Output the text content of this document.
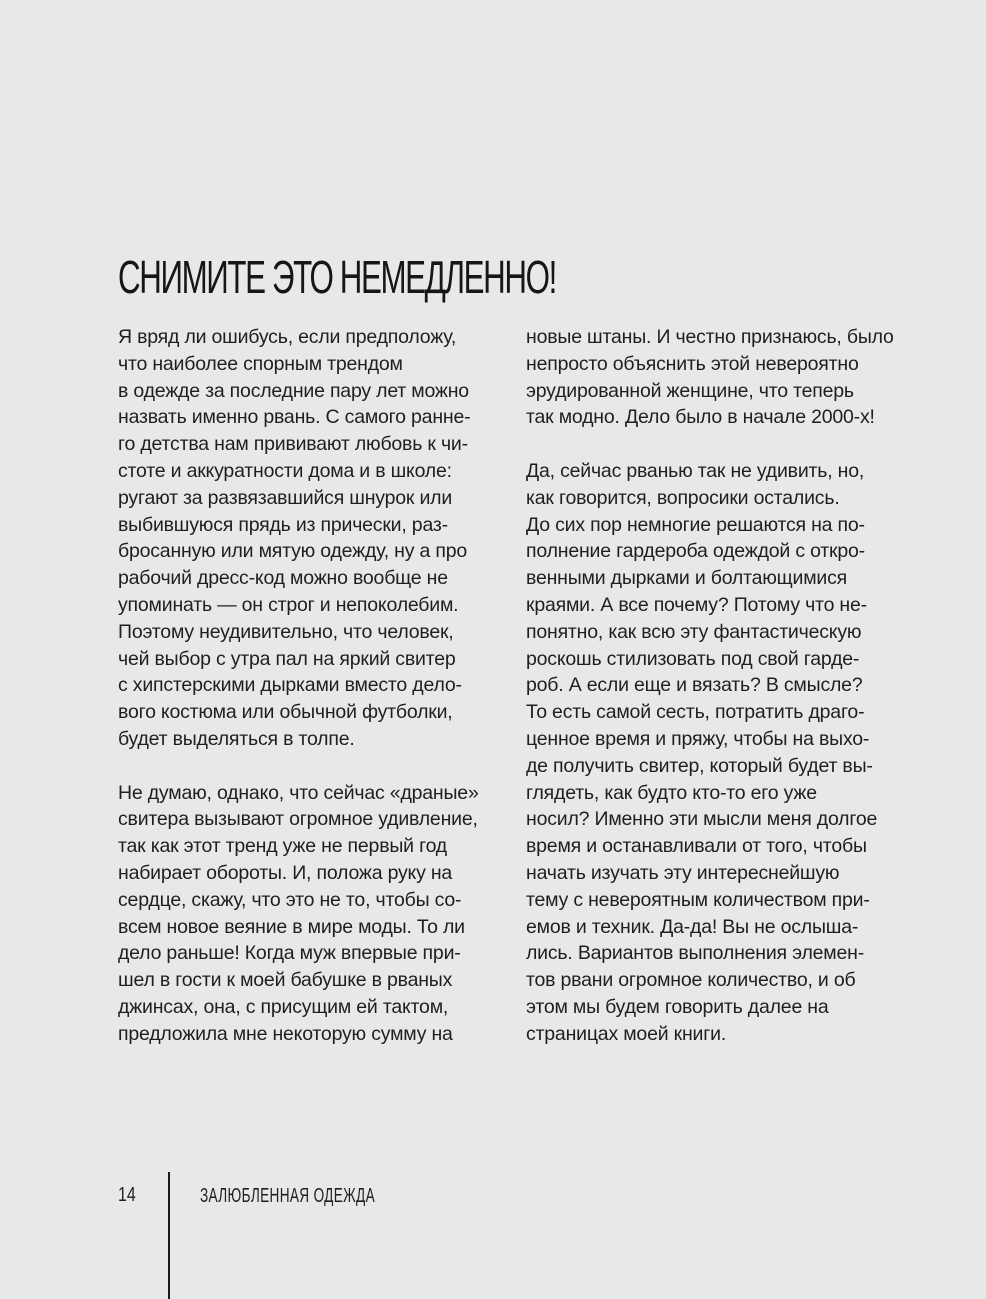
СНИМИТЕ ЭТО НЕМЕДЛЕННО!
Я вряд ли ошибусь, если предположу,
что наиболее спорным трендом
в одежде за последние пару лет можно
назвать именно рвань. С самого ранне-
го детства нам прививают любовь к чи-
стоте и аккуратности дома и в школе:
ругают за развязавшийся шнурок или
выбившуюся прядь из прически, раз-
бросанную или мятую одежду, ну а про
рабочий дресс-код можно вообще не
упоминать — он строг и непоколебим.
Поэтому неудивительно, что человек,
чей выбор с утра пал на яркий свитер
с хипстерскими дырками вместо дело-
вого костюма или обычной футболки,
будет выделяться в толпе.
Не думаю, однако, что сейчас «драные»
свитера вызывают огромное удивление,
так как этот тренд уже не первый год
набирает обороты. И, положа руку на
сердце, скажу, что это не то, чтобы со-
всем новое веяние в мире моды. То ли
дело раньше! Когда муж впервые при-
шел в гости к моей бабушке в рваных
джинсах, она, с присущим ей тактом,
предложила мне некоторую сумму на
новые штаны. И честно признаюсь, было
непросто объяснить этой невероятно
эрудированной женщине, что теперь
так модно. Дело было в начале 2000-х!
Да, сейчас рванью так не удивить, но,
как говорится, вопросики остались.
До сих пор немногие решаются на по-
полнение гардероба одеждой с откро-
венными дырками и болтающимися
краями. А все почему? Потому что не-
понятно, как всю эту фантастическую
роскошь стилизовать под свой гарде-
роб. А если еще и вязать? В смысле?
То есть самой сесть, потратить драго-
ценное время и пряжу, чтобы на выхо-
де получить свитер, который будет вы-
глядеть, как будто кто-то его уже
носил? Именно эти мысли меня долгое
время и останавливали от того, чтобы
начать изучать эту интереснейшую
тему с невероятным количеством при-
емов и техник. Да-да! Вы не ослыша-
лись. Вариантов выполнения элемен-
тов рвани огромное количество, и об
этом мы будем говорить далее на
страницах моей книги.
14	ЗАЛЮБЛЕННАЯ ОДЕЖДА
